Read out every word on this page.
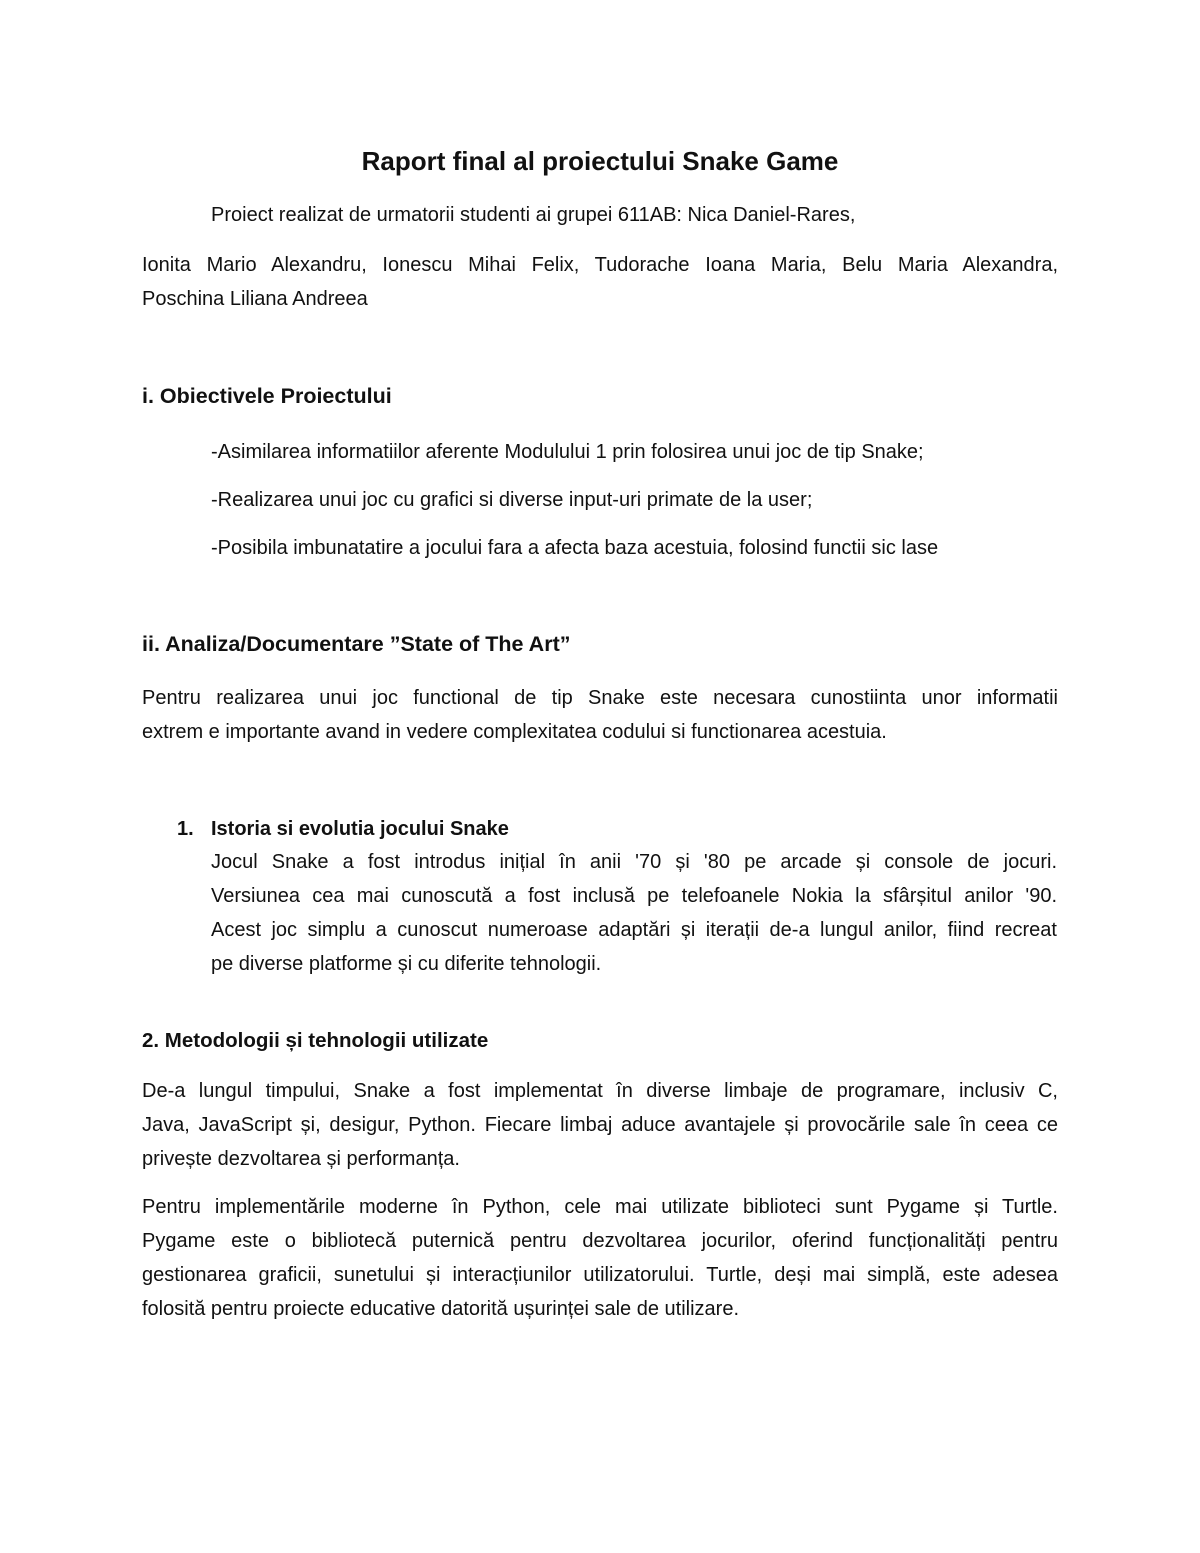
Raport final al proiectului Snake Game

Proiect realizat de urmatorii studenti ai grupei 611AB: Nica Daniel-Rares,

Ionita Mario Alexandru, Ionescu Mihai Felix, Tudorache Ioana Maria, Belu Maria Alexandra,

Poschina Liliana Andreea

i. Obiectivele Proiectului

-Asimilarea informatiilor aferente Modulului 1 prin folosirea unui joc de tip Snake;

-Realizarea unui joc cu grafici si diverse input-uri primate de la user;

-Posibila imbunatatire a jocului fara a afecta baza acestuia, folosind functii sic lase

ii. Analiza/Documentare ”State of The Art”

Pentru realizarea unui joc functional de tip Snake este necesara cunostiinta unor informatii

extrem e importante avand in vedere complexitatea codului si functionarea acestuia.

1. Istoria si evolutia jocului Snake

Jocul Snake a fost introdus inițial în anii '70 și '80 pe arcade și console de jocuri.

Versiunea cea mai cunoscută a fost inclusă pe telefoanele Nokia la sfârșitul anilor '90.

Acest joc simplu a cunoscut numeroase adaptări și iterații de-a lungul anilor, fiind recreat

pe diverse platforme și cu diferite tehnologii.

2. Metodologii și tehnologii utilizate

De-a lungul timpului, Snake a fost implementat în diverse limbaje de programare, inclusiv C,

Java, JavaScript și, desigur, Python. Fiecare limbaj aduce avantajele și provocările sale în ceea ce

privește dezvoltarea și performanța.

Pentru implementările moderne în Python, cele mai utilizate biblioteci sunt Pygame și Turtle.

Pygame este o bibliotecă puternică pentru dezvoltarea jocurilor, oferind funcționalități pentru

gestionarea graficii, sunetului și interacțiunilor utilizatorului. Turtle, deși mai simplă, este adesea

folosită pentru proiecte educative datorită ușurinței sale de utilizare.
